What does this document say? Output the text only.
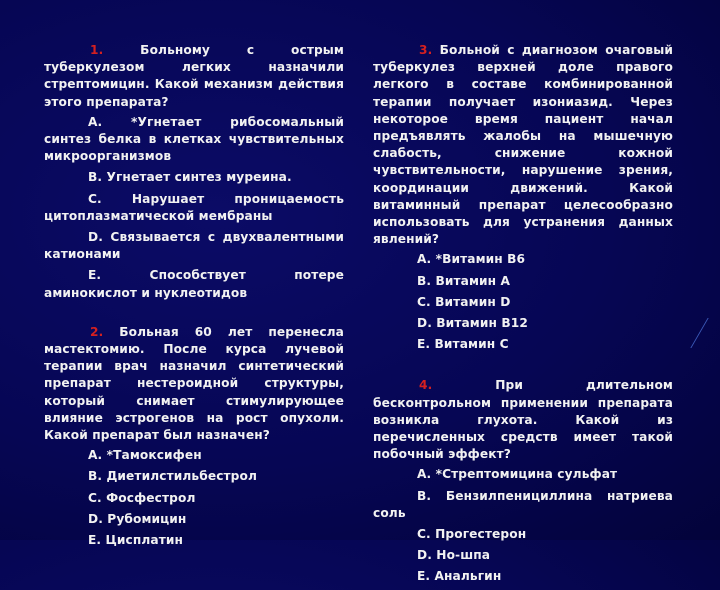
1. Больному с острым туберкулезом легких назначили стрептомицин. Какой механизм действия этого препарата?

А. *Угнетает рибосомальный синтез белка в клетках чувствительных микроорганизмов

В. Угнетает синтез муреина.

С. Нарушает проницаемость цитоплазматической̆ мембраны

D. Связывается с двухвалентными катионами

Е. Способствует потере аминокислот и нуклеотидов

2. Больная 60 лет перенесла мастектомию. После курса лучевой терапии врач назначил синтетический препарат нестероидной структуры, который снимает стимулирующее влияние эстрогенов на рост опухоли. Какой препарат был назначен?

А. *Тамоксифен

В. Диетилстильбестрол

С. Фосфестрол

D. Рубомицин

Е. Цисплатин

3. Больной с диагнозом очаговый туберкулез верхней доле правого легкого в составе комбинированной терапии получает изониазид. Через некоторое время пациент начал предъявлять жалобы на мышечную слабость, снижение кожной чувствительности, нарушение зрения, координации движений. Какой витаминный препарат целесообразно использовать для устранения данных явлений?

А. *Витамин В6

В. Витамин А

С. Витамин D

D. Витамин В12

Е. Витамин С

4. При длительном бесконтрольном применении препарата возникла глухота. Какой из перечисленных средств имеет такой побочный эффект?

А. *Стрептомицина сульфат

В. Бензилпенициллина натриева соль

С. Прогестерон

D. Но-шпа

Е. Анальгин
